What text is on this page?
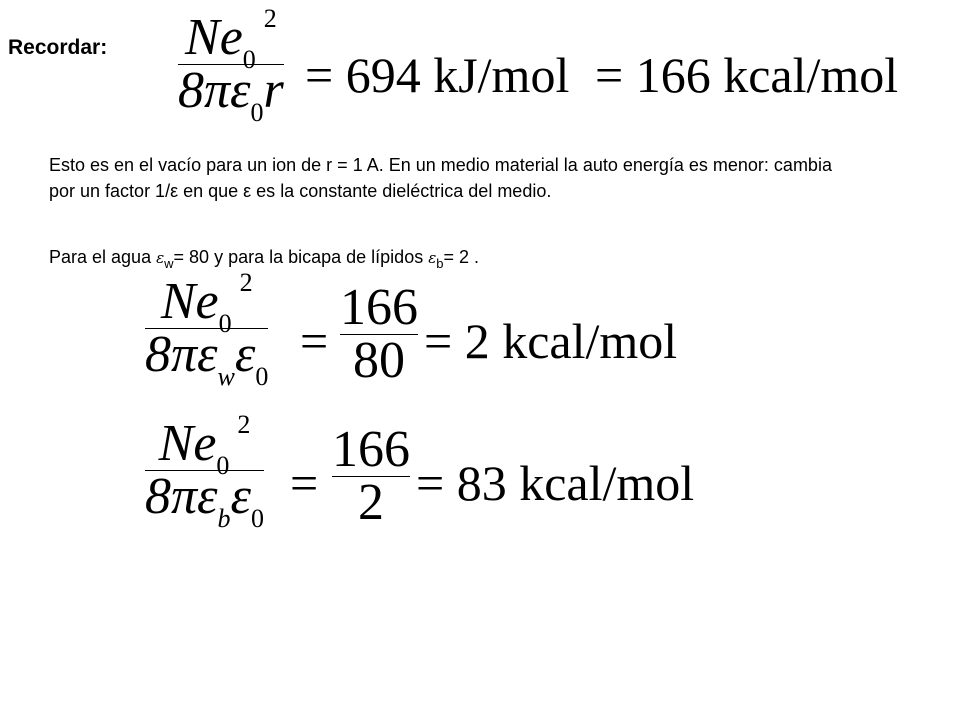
Recordar: $Ne_0^2$
$8\pi\varepsilon_0r = 694$ kJ/mol = 166 kcal/mol
Esto es en el vacío para un ion de r = 1 A. En un medio material la auto energía es menor: cambia por un factor 1/ε en que ε es la constante dieléctrica del medio.
Para el agua $\varepsilon_w= 80$ y para la bicapa de lípidos $\varepsilon_b= 2$ .
$Ne_0^2$
$8\pi\varepsilon_w\varepsilon_0$
=
166
80 = 2 kcal/mol
$Ne_0^2$
$8\pi\varepsilon_b\varepsilon_0$
=
166
2 = 83 kcal/mol
